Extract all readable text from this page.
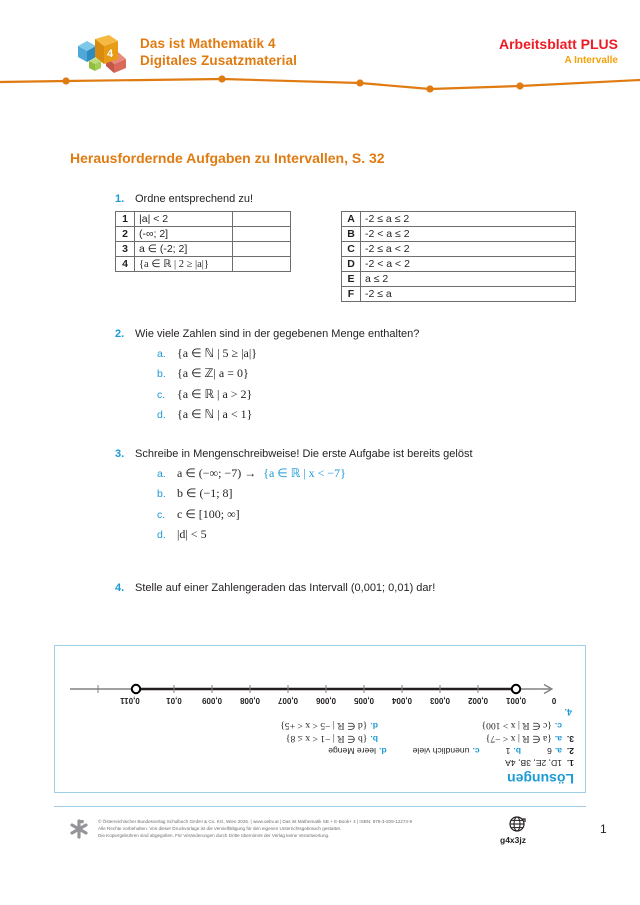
4
Das ist Mathematik 4
Digitales Zusatzmaterial
Arbeitsblatt PLUS
A Intervalle
Herausfordernde Aufgaben zu Intervallen, S. 32
1. Ordne entsprechend zu!
1	|a| < 2	
2	(-∞; 2]	
3	a ∈ (-2; 2]	
4	{a ∈ ℝ | 2 ≥ |a|}	
A	-2 ≤ a ≤ 2
B	-2 < a ≤ 2
C	-2 ≤ a < 2
D	-2 < a < 2
E	a ≤ 2
F	-2 ≤ a
2. Wie viele Zahlen sind in der gegebenen Menge enthalten?
a. {a ∈ ℕ | 5 ≥ |a|}
b. {a ∈ ℤ| a = 0}
c. {a ∈ ℝ | a > 2}
d. {a ∈ ℕ | a < 1}
3. Schreibe in Mengenschreibweise! Die erste Aufgabe ist bereits gelöst
a. a ∈ (−∞; −7) → {a ∈ ℝ | x < −7}
b. b ∈ (−1; 8]
c. c ∈ [100; ∞]
d. |d| < 5
4. Stelle auf einer Zahlengeraden das Intervall (0,001; 0,01) dar!
Lösungen
1.
1D, 2E, 3B, 4A
2.
a.6
b.1
c.unendlich viele
d.leere Menge
3.
a.{a ∈ ℝ | x < −7}
b.{b ∈ ℝ | −1 < x ≤ 8}
c.{c ∈ ℝ | x > 100}
d.{d ∈ ℝ | −5 < x < +5}
4.
0
0,001
0,002
0,003
0,004
0,005
0,006
0,007
0,008
0,009
0,01
0,011
© Österreichischer Bundesverlag Schulbuch GmbH & Co. KG, Wien 2025. | www.oebv.at | Das ist Mathematik SB + E-Book+ 4 | ISBN: 978-3-209-12274-9
Alle Rechte vorbehalten. Von dieser Druckvorlage ist die Vervielfältigung für den eigenen Unterrichtsgebrauch gestattet.
Die Kopiergebühren sind abgegolten. Für Veränderungen durch Dritte übernimmt der Verlag keine Verantwortung.	g4x3jz
1
